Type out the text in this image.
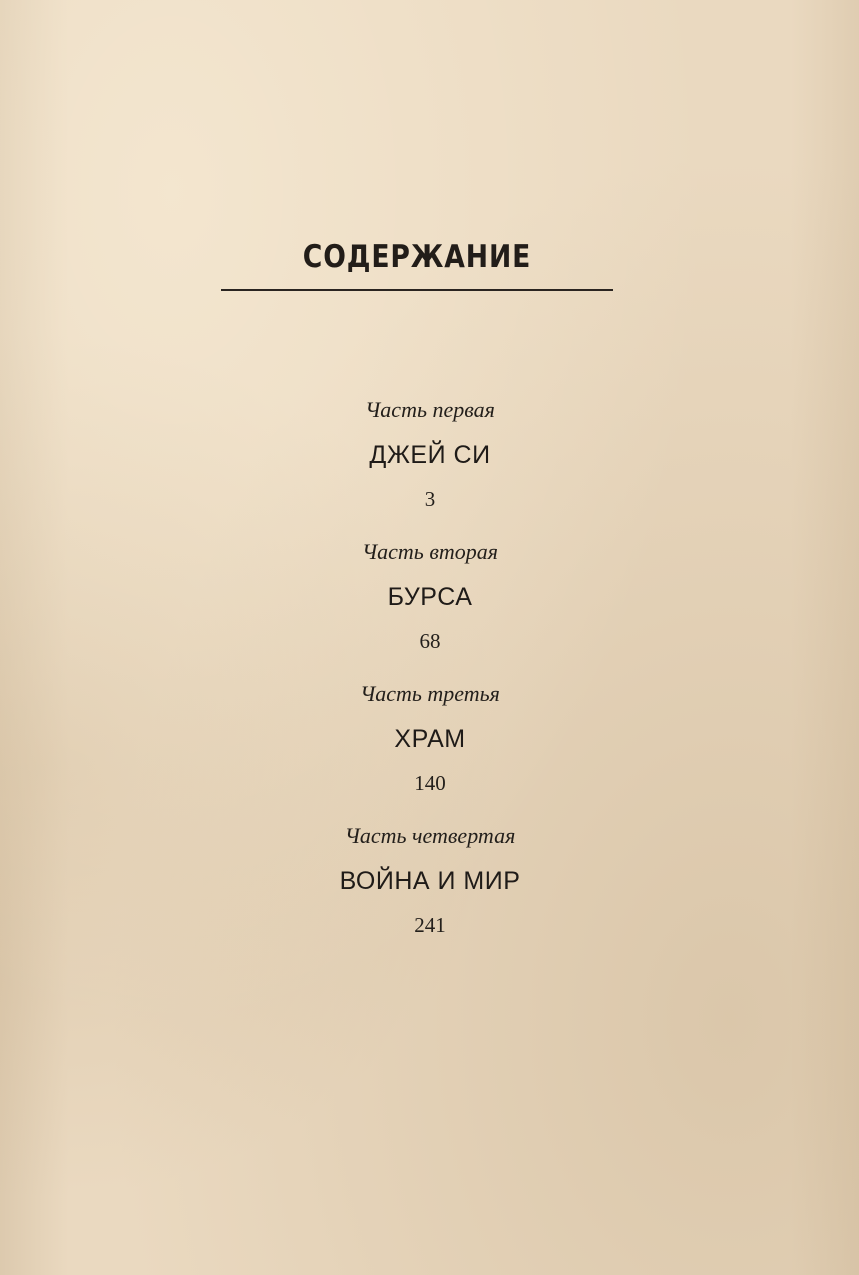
СОДЕРЖАНИЕ
Часть первая
ДЖЕЙ СИ
3
Часть вторая
БУРСА
68
Часть третья
ХРАМ
140
Часть четвертая
ВОЙНА И МИР
241
